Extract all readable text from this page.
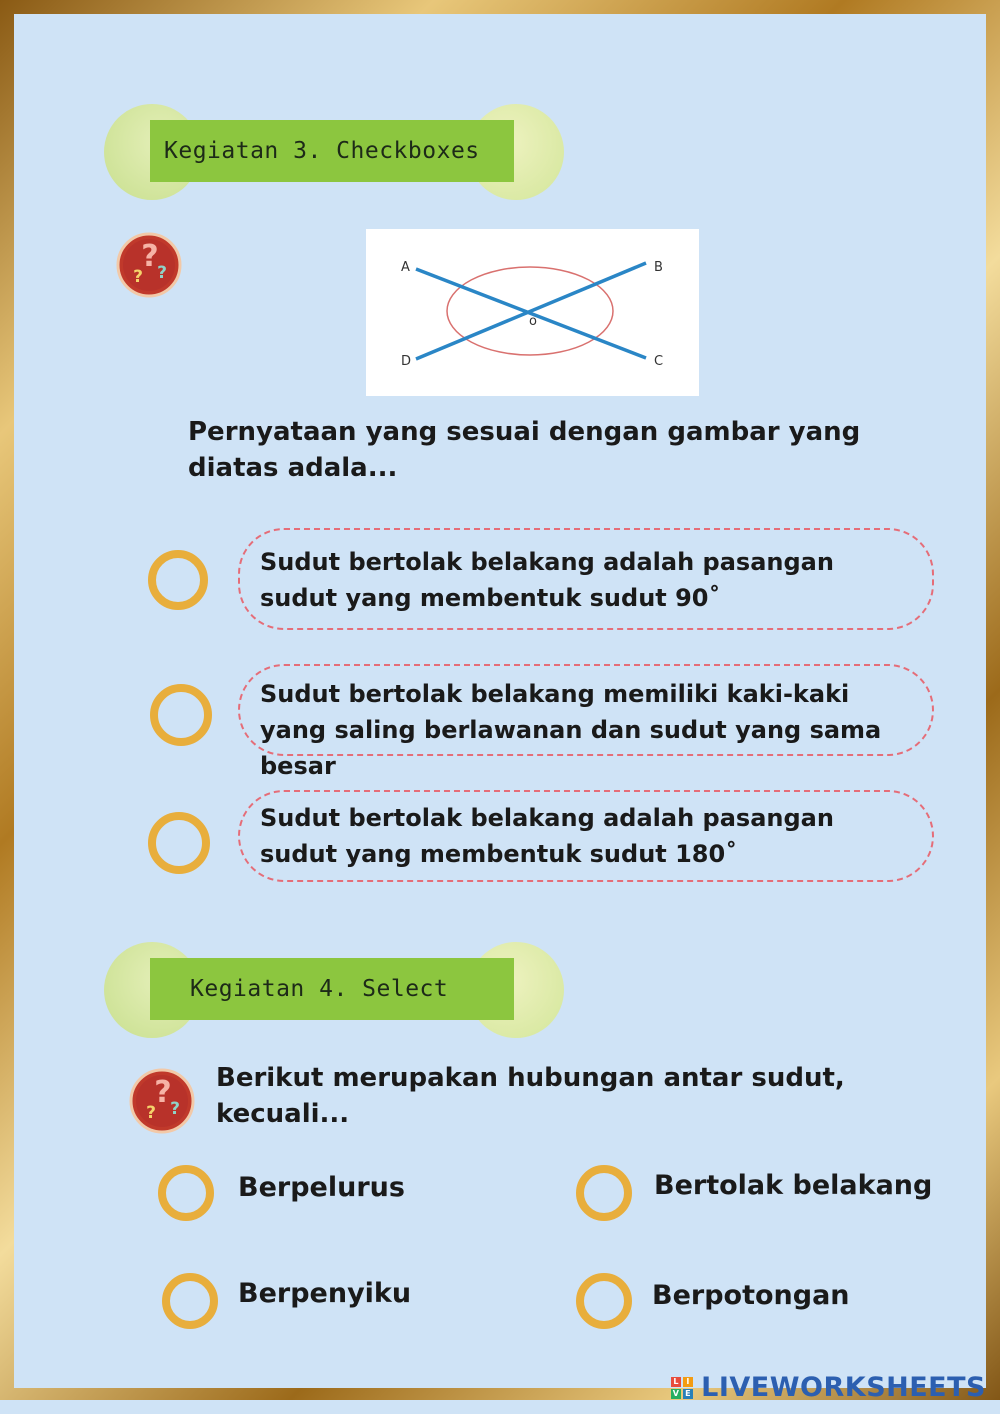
Kegiatan 3. Checkboxes
?
? ?	A	B
C
D
o
Pernyataan yang sesuai dengan gambar yang diatas adala...
Sudut bertolak belakang adalah pasangan sudut yang membentuk sudut 90˚
Sudut bertolak belakang memiliki kaki-kaki yang saling berlawanan dan sudut yang sama besar
Sudut bertolak belakang adalah pasangan sudut yang membentuk sudut 180˚
Kegiatan 4. Select
?
? ?
Berikut merupakan hubungan antar sudut, kecuali...
Berpelurus	Bertolak belakang
Berpenyiku	Berpotongan
L I
V E LIVEWORKSHEETS
